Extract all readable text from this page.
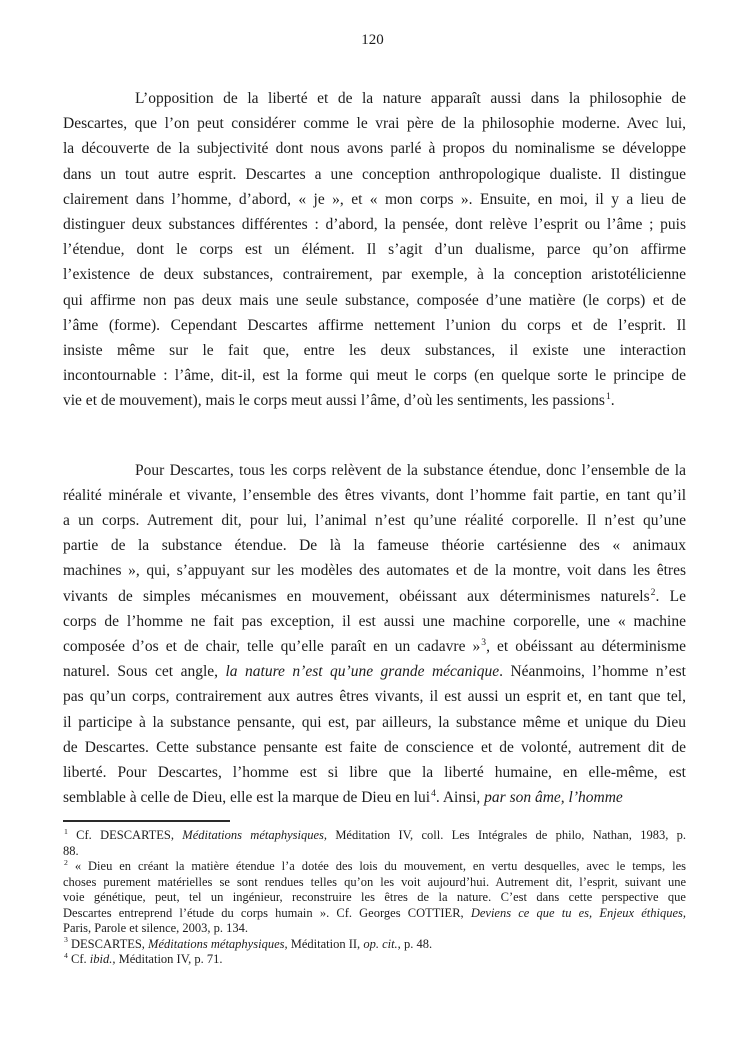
120
L’opposition de la liberté et de la nature apparaît aussi dans la philosophie de
Descartes, que l’on peut considérer comme le vrai père de la philosophie moderne. Avec lui,
la découverte de la subjectivité dont nous avons parlé à propos du nominalisme se développe
dans un tout autre esprit. Descartes a une conception anthropologique dualiste. Il distingue
clairement dans l’homme, d’abord, « je », et « mon corps ». Ensuite, en moi, il y a lieu de
distinguer deux substances différentes : d’abord, la pensée, dont relève l’esprit ou l’âme ; puis
l’étendue, dont le corps est un élément. Il s’agit d’un dualisme, parce qu’on affirme
l’existence de deux substances, contrairement, par exemple, à la conception aristotélicienne
qui affirme non pas deux mais une seule substance, composée d’une matière (le corps) et de
l’âme (forme). Cependant Descartes affirme nettement l’union du corps et de l’esprit. Il
insiste même sur le fait que, entre les deux substances, il existe une interaction
incontournable : l’âme, dit-il, est la forme qui meut le corps (en quelque sorte le principe de
vie et de mouvement), mais le corps meut aussi l’âme, d’où les sentiments, les passions$^1$.
Pour Descartes, tous les corps relèvent de la substance étendue, donc l’ensemble de la
réalité minérale et vivante, l’ensemble des êtres vivants, dont l’homme fait partie, en tant qu’il
a un corps. Autrement dit, pour lui, l’animal n’est qu’une réalité corporelle. Il n’est qu’une
partie de la substance étendue. De là la fameuse théorie cartésienne des « animaux
machines », qui, s’appuyant sur les modèles des automates et de la montre, voit dans les êtres
vivants de simples mécanismes en mouvement, obéissant aux déterminismes naturels$^2$. Le
corps de l’homme ne fait pas exception, il est aussi une machine corporelle, une « machine
composée d’os et de chair, telle qu’elle paraît en un cadavre »$^3$, et obéissant au déterminisme
naturel. Sous cet angle, la nature n’est qu’une grande mécanique. Néanmoins, l’homme n’est
pas qu’un corps, contrairement aux autres êtres vivants, il est aussi un esprit et, en tant que tel,
il participe à la substance pensante, qui est, par ailleurs, la substance même et unique du Dieu
de Descartes. Cette substance pensante est faite de conscience et de volonté, autrement dit de
liberté. Pour Descartes, l’homme est si libre que la liberté humaine, en elle-même, est
semblable à celle de Dieu, elle est la marque de Dieu en lui$^4$. Ainsi, par son âme, l’homme
$^1$ Cf. DESCARTES, Méditations métaphysiques, Méditation IV, coll. Les Intégrales de philo, Nathan, 1983, p.
88.
$^2$ « Dieu en créant la matière étendue l’a dotée des lois du mouvement, en vertu desquelles, avec le temps, les
choses purement matérielles se sont rendues telles qu’on les voit aujourd’hui. Autrement dit, l’esprit, suivant une
voie génétique, peut, tel un ingénieur, reconstruire les êtres de la nature. C’est dans cette perspective que
Descartes entreprend l’étude du corps humain ». Cf. Georges COTTIER, Deviens ce que tu es, Enjeux éthiques,
Paris, Parole et silence, 2003, p. 134.
$^3$ DESCARTES, Méditations métaphysiques, Méditation II, op. cit., p. 48.
$^4$ Cf. ibid., Méditation IV, p. 71.
